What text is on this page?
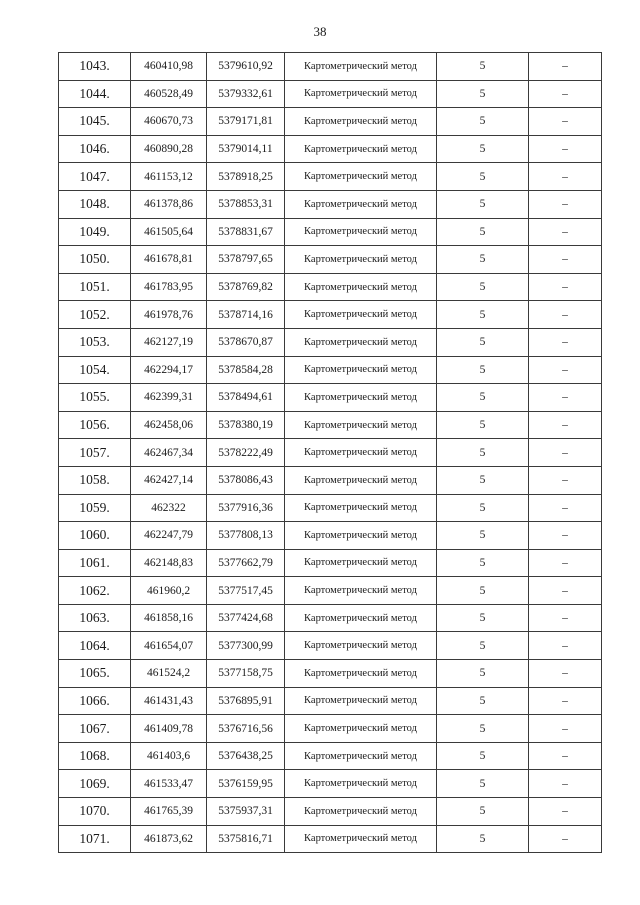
38
1043.	460410,98	5379610,92	Картометрический метод	5	–
1044.	460528,49	5379332,61	Картометрический метод	5	–
1045.	460670,73	5379171,81	Картометрический метод	5	–
1046.	460890,28	5379014,11	Картометрический метод	5	–
1047.	461153,12	5378918,25	Картометрический метод	5	–
1048.	461378,86	5378853,31	Картометрический метод	5	–
1049.	461505,64	5378831,67	Картометрический метод	5	–
1050.	461678,81	5378797,65	Картометрический метод	5	–
1051.	461783,95	5378769,82	Картометрический метод	5	–
1052.	461978,76	5378714,16	Картометрический метод	5	–
1053.	462127,19	5378670,87	Картометрический метод	5	–
1054.	462294,17	5378584,28	Картометрический метод	5	–
1055.	462399,31	5378494,61	Картометрический метод	5	–
1056.	462458,06	5378380,19	Картометрический метод	5	–
1057.	462467,34	5378222,49	Картометрический метод	5	–
1058.	462427,14	5378086,43	Картометрический метод	5	–
1059.	462322	5377916,36	Картометрический метод	5	–
1060.	462247,79	5377808,13	Картометрический метод	5	–
1061.	462148,83	5377662,79	Картометрический метод	5	–
1062.	461960,2	5377517,45	Картометрический метод	5	–
1063.	461858,16	5377424,68	Картометрический метод	5	–
1064.	461654,07	5377300,99	Картометрический метод	5	–
1065.	461524,2	5377158,75	Картометрический метод	5	–
1066.	461431,43	5376895,91	Картометрический метод	5	–
1067.	461409,78	5376716,56	Картометрический метод	5	–
1068.	461403,6	5376438,25	Картометрический метод	5	–
1069.	461533,47	5376159,95	Картометрический метод	5	–
1070.	461765,39	5375937,31	Картометрический метод	5	–
1071.	461873,62	5375816,71	Картометрический метод	5	–
